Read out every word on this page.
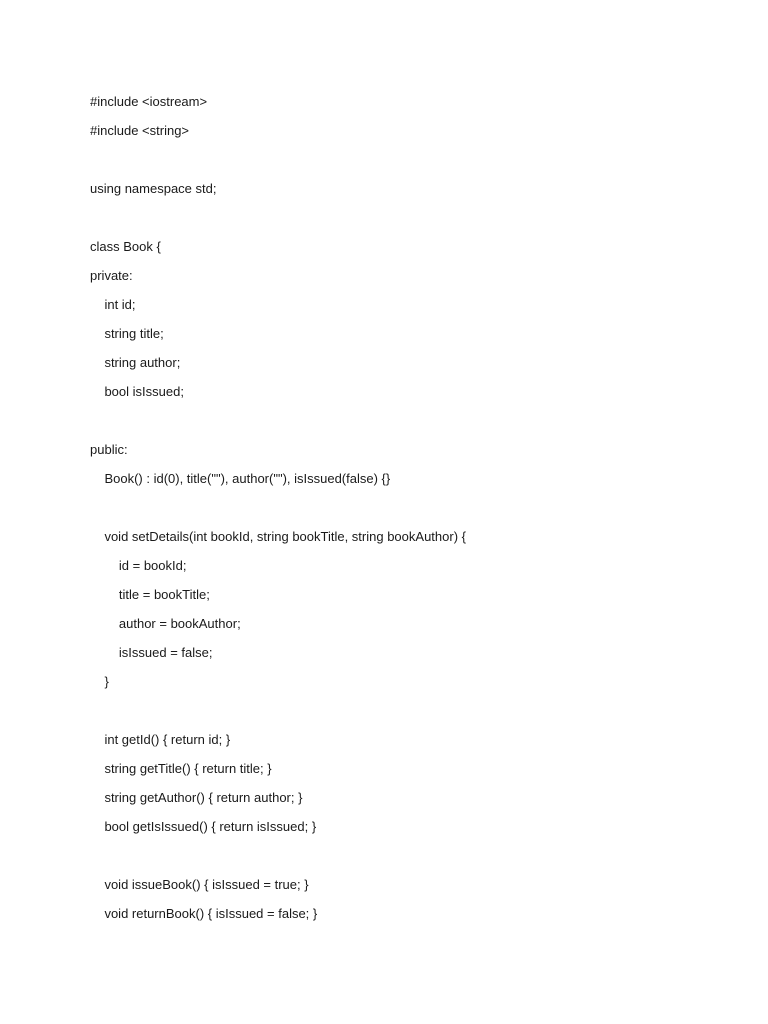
#include <iostream>
#include <string>
using namespace std;
class Book {
private:
int id;
string title;
string author;
bool isIssued;
public:
Book() : id(0), title(""), author(""), isIssued(false) {}
void setDetails(int bookId, string bookTitle, string bookAuthor) {
id = bookId;
title = bookTitle;
author = bookAuthor;
isIssued = false;
}
int getId() { return id; }
string getTitle() { return title; }
string getAuthor() { return author; }
bool getIsIssued() { return isIssued; }
void issueBook() { isIssued = true; }
void returnBook() { isIssued = false; }
